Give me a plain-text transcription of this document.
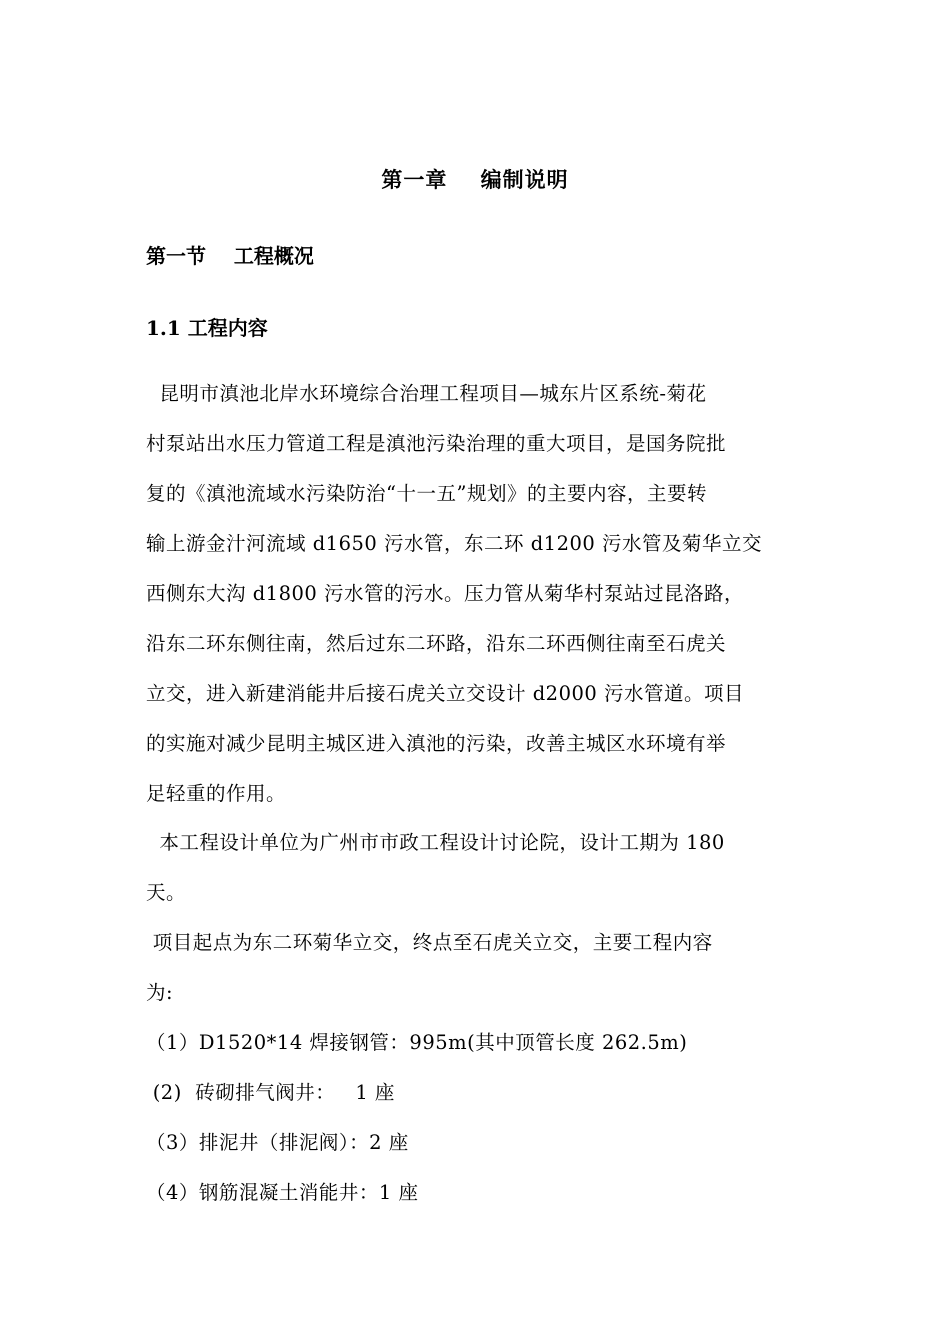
第一章    编制说明
第一节    工程概况
1.1 工程内容
昆明市滇池北岸水环境综合治理工程项目—城东片区系统-菊花
村泵站出水压力管道工程是滇池污染治理的重大项目，是国务院批
复的《滇池流域水污染防治“十一五”规划》的主要内容，主要转
输上游金汁河流域 d1650 污水管，东二环 d1200 污水管及菊华立交
西侧东大沟 d1800 污水管的污水。压力管从菊华村泵站过昆洛路，
沿东二环东侧往南，然后过东二环路，沿东二环西侧往南至石虎关
立交，进入新建消能井后接石虎关立交设计 d2000 污水管道。项目
的实施对减少昆明主城区进入滇池的污染，改善主城区水环境有举
足轻重的作用。
本工程设计单位为广州市市政工程设计讨论院，设计工期为 180
天。
项目起点为东二环菊华立交，终点至石虎关立交，主要工程内容
为:
（1）D1520*14 焊接钢管：995m(其中顶管长度 262.5m)
(2)  砖砌排气阀井：   1 座
（3）排泥井（排泥阀）：2 座
（4）钢筋混凝土消能井：1 座
